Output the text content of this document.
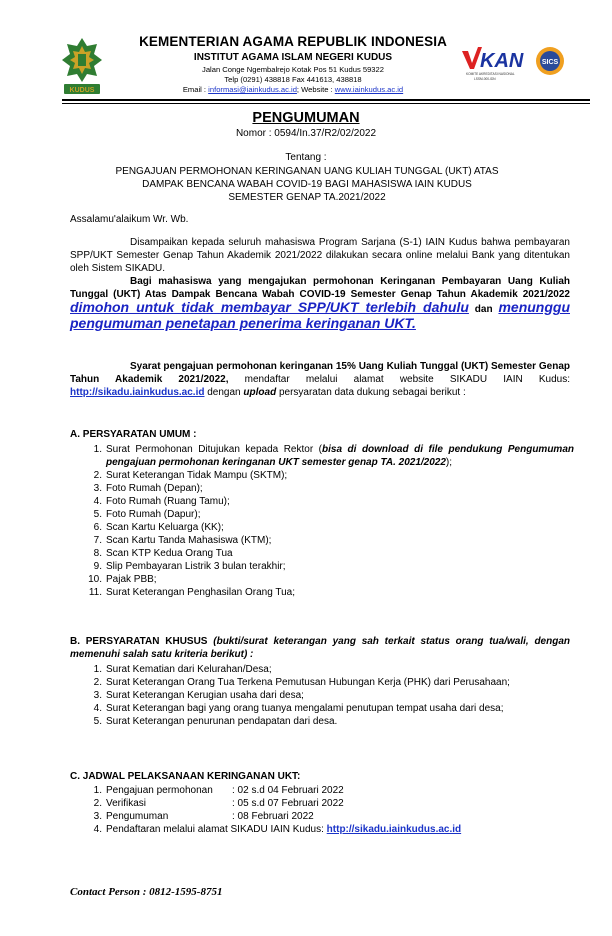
KUDUS
KEMENTERIAN AGAMA REPUBLIK INDONESIA
INSTITUT AGAMA ISLAM NEGERI KUDUS
Jalan Conge Ngembalrejo Kotak Pos 51 Kudus 59322
Telp (0291) 438818 Fax 441613, 438818
Email : informasi@iainkudus.ac.id; Website : www.iainkudus.ac.id
KAN
KOMITE AKREDITASI NASIONAL
LSSM-000-IDN
SICS
PENGUMUMAN
Nomor : 0594/In.37/R2/02/2022
Tentang :
PENGAJUAN PERMOHONAN KERINGANAN UANG KULIAH TUNGGAL (UKT) ATAS
DAMPAK BENCANA WABAH COVID-19 BAGI MAHASISWA IAIN KUDUS
SEMESTER GENAP TA.2021/2022
Assalamu'alaikum Wr. Wb.
Disampaikan kepada seluruh mahasiswa Program Sarjana (S-1) IAIN Kudus bahwa pembayaran SPP/UKT Semester Genap Tahun Akademik 2021/2022 dilakukan secara online melalui Bank yang ditentukan oleh Sistem SIKADU.
Bagi mahasiswa yang mengajukan permohonan Keringanan Pembayaran Uang Kuliah Tunggal (UKT) Atas Dampak Bencana Wabah COVID-19 Semester Genap Tahun Akademik 2021/2022 dimohon untuk tidak membayar SPP/UKT terlebih dahulu dan menunggu pengumuman penetapan penerima keringanan UKT.
Syarat pengajuan permohonan keringanan 15% Uang Kuliah Tunggal (UKT) Semester Genap Tahun Akademik 2021/2022, mendaftar melalui alamat website SIKADU IAIN Kudus: http://sikadu.iainkudus.ac.id dengan upload persyaratan data dukung sebagai berikut :
A. PERSYARATAN UMUM :
1. Surat Permohonan Ditujukan kepada Rektor (bisa di download di file pendukung Pengumuman pengajuan permohonan keringanan UKT semester genap TA. 2021/2022);
2. Surat Keterangan Tidak Mampu (SKTM);
3. Foto Rumah (Depan);
4. Foto Rumah (Ruang Tamu);
5. Foto Rumah (Dapur);
6. Scan Kartu Keluarga (KK);
7. Scan Kartu Tanda Mahasiswa (KTM);
8. Scan KTP Kedua Orang Tua
9. Slip Pembayaran Listrik 3 bulan terakhir;
10. Pajak PBB;
11. Surat Keterangan Penghasilan Orang Tua;
B. PERSYARATAN KHUSUS (bukti/surat keterangan yang sah terkait status orang tua/wali, dengan memenuhi salah satu kriteria berikut) :
1. Surat Kematian dari Kelurahan/Desa;
2. Surat Keterangan Orang Tua Terkena Pemutusan Hubungan Kerja (PHK) dari Perusahaan;
3. Surat Keterangan Kerugian usaha dari desa;
4. Surat Keterangan bagi yang orang tuanya mengalami penutupan tempat usaha dari desa;
5. Surat Keterangan penurunan pendapatan dari desa.
C. JADWAL PELAKSANAAN KERINGANAN UKT:
1. Pengajuan permohonan : 02 s.d 04 Februari 2022
2. Verifikasi	: 05 s.d 07 Februari 2022
3. Pengumuman	: 08 Februari 2022
4. Pendaftaran melalui alamat SIKADU IAIN Kudus: http://sikadu.iainkudus.ac.id
Contact Person : 0812-1595-8751
